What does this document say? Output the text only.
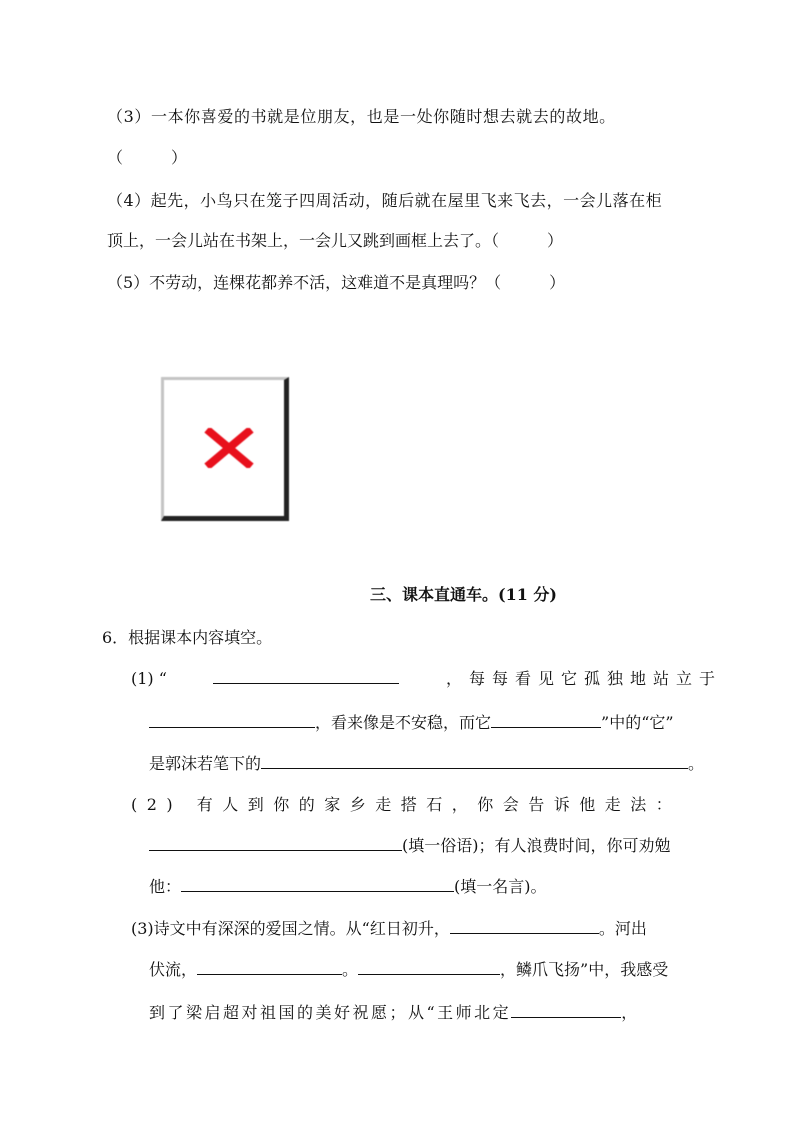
（3）一本你喜爱的书就是位朋友，也是一处你随时想去就去的故地。
（　　　）
（4）起先，小鸟只在笼子四周活动，随后就在屋里飞来飞去，一会儿落在柜
顶上，一会儿站在书架上，一会儿又跳到画框上去了。（　　　）
（5）不劳动，连棵花都养不活，这难道不是真理吗？（　　　）
三、课本直通车。(11 分)
6．根据课本内容填空。
(1) “	，每每看见它孤独地站立于
，看来像是不安稳，而它	”中的“它”
是郭沫若笔下的	。
(2) 有人到你的家乡走搭石，你会告诉他走法：
(填一俗语)；有人浪费时间，你可劝勉
他：	(填一名言)。
(3)诗文中有深深的爱国之情。从“红日初升，	。河出
伏流，	。	，鳞爪飞扬”中，我感受
到了梁启超对祖国的美好祝愿；从“王师北定	，
